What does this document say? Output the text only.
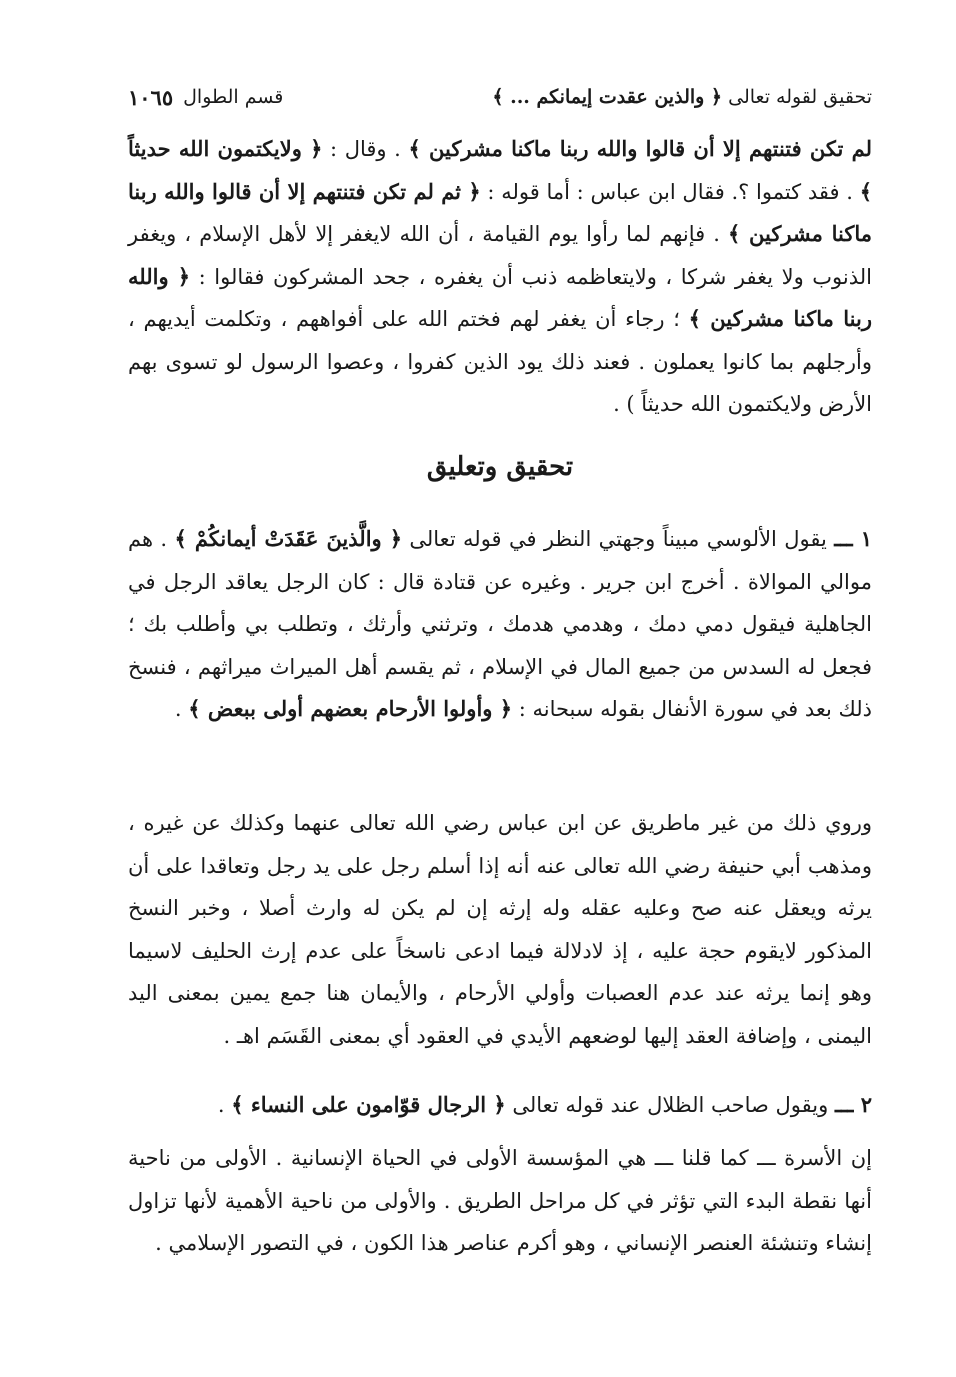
تحقيق لقوله تعالى ﴿ والذين عقدت إيمانكم ... ﴾
قسم الطوال
١٠٦٥

لم تكن فتنتهم إلا أن قالوا والله ربنا ماكنا مشركين ﴾ . وقال : ﴿ ولايكتمون الله حديثاً ﴾ . فقد كتموا ؟. فقال ابن عباس : أما قوله : ﴿ ثم لم تكن فتنتهم إلا أن قالوا والله ربنا ماكنا مشركين ﴾ . فإنهم لما رأوا يوم القيامة ، أن الله لايغفر إلا لأهل الإسلام ، ويغفر الذنوب ولا يغفر شركا ، ولايتعاظمه ذنب أن يغفره ، جحد المشركون فقالوا : ﴿ والله ربنا ماكنا مشركين ﴾ ؛ رجاء أن يغفر لهم فختم الله على أفواههم ، وتكلمت أيديهم ، وأرجلهم بما كانوا يعملون . فعند ذلك يود الذين كفروا ، وعصوا الرسول لو تسوى بهم الأرض ولايكتمون الله حديثاً ) .

تحقيق وتعليق

١ ـــ يقول الألوسي مبيناً وجهتي النظر في قوله تعالى ﴿ والَّذينَ عَقَدَتْ أيمانكُمْ ﴾ . هم موالي الموالاة . أخرج ابن جرير . وغيره عن قتادة قال : كان الرجل يعاقد الرجل في الجاهلية فيقول دمي دمك ، وهدمي هدمك ، وترثني وأرثك ، وتطلب بي وأطلب بك ؛ فجعل له السدس من جميع المال في الإسلام ، ثم يقسم أهل الميراث ميراثهم ، فنسخ ذلك بعد في سورة الأنفال بقوله سبحانه : ﴿ وأولوا الأرحام بعضهم أولى ببعض ﴾ .

وروي ذلك من غير ماطريق عن ابن عباس رضي الله تعالى عنهما وكذلك عن غيره ، ومذهب أبي حنيفة رضي الله تعالى عنه أنه إذا أسلم رجل على يد رجل وتعاقدا على أن يرثه ويعقل عنه صح وعليه عقله وله إرثه إن لم يكن له وارث أصلا ، وخبر النسخ المذكور لايقوم حجة عليه ، إذ لادلالة فيما ادعى ناسخاً على عدم إرث الحليف لاسيما وهو إنما يرثه عند عدم العصبات وأولي الأرحام ، والأيمان هنا جمع يمين بمعنى اليد اليمنى ، وإضافة العقد إليها لوضعهم الأيدي في العقود أي بمعنى القَسَم اهـ .

٢ ـــ ويقول صاحب الظلال عند قوله تعالى ﴿ الرجال قوّامون على النساء ﴾ .

إن الأسرة ـــ كما قلنا ـــ هي المؤسسة الأولى في الحياة الإنسانية . الأولى من ناحية أنها نقطة البدء التي تؤثر في كل مراحل الطريق . والأولى من ناحية الأهمية لأنها تزاول إنشاء وتنشئة العنصر الإنساني ، وهو أكرم عناصر هذا الكون ، في التصور الإسلامي .
